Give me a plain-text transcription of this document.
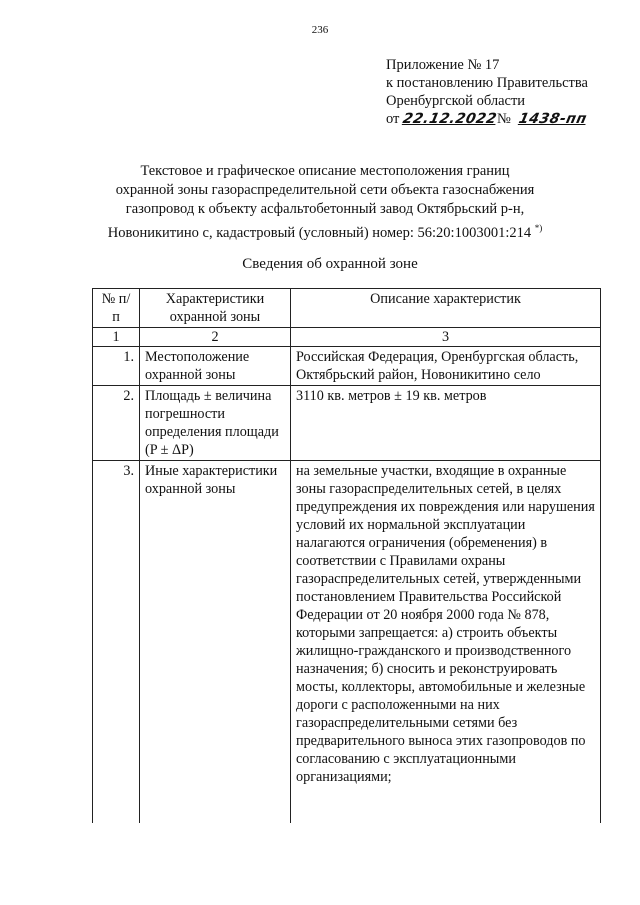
236
Приложение № 17
к постановлению Правительства
Оренбургской области
от 22.12.2022
№ 1438-пп
Текстовое и графическое описание местоположения границ
охранной зоны газораспределительной сети объекта газоснабжения
газопровод к объекту асфальтобетонный завод Октябрьский р-н,
Новоникитино с, кадастровый (условный) номер: 56:20:1003001:214 *)
Сведения об охранной зоне
№ п/п	Характеристики охранной зоны	Описание характеристик
1	2	3
1.	Местоположение охранной зоны	Российская Федерация, Оренбургская область, Октябрьский район, Новоникитино село
2.	Площадь ± величина погрешности определения площади (P ± ΔP)	3110 кв. метров ± 19 кв. метров
3.	Иные характеристики охранной зоны	на земельные участки, входящие в охранные зоны газораспределительных сетей, в целях предупреждения их повреждения или нарушения условий их нормальной эксплуатации налагаются ограничения (обременения) в соответствии с Правилами охраны газораспределительных сетей, утвержденными постановлением Правительства Российской Федерации от 20 ноября 2000 года № 878, которыми запрещается: а) строить объекты жилищно-гражданского и производственного назначения; б) сносить и реконструировать мосты, коллекторы, автомобильные и железные дороги с расположенными на них газораспределительными сетями без предварительного выноса этих газопроводов по согласованию с эксплуатационными организациями;
